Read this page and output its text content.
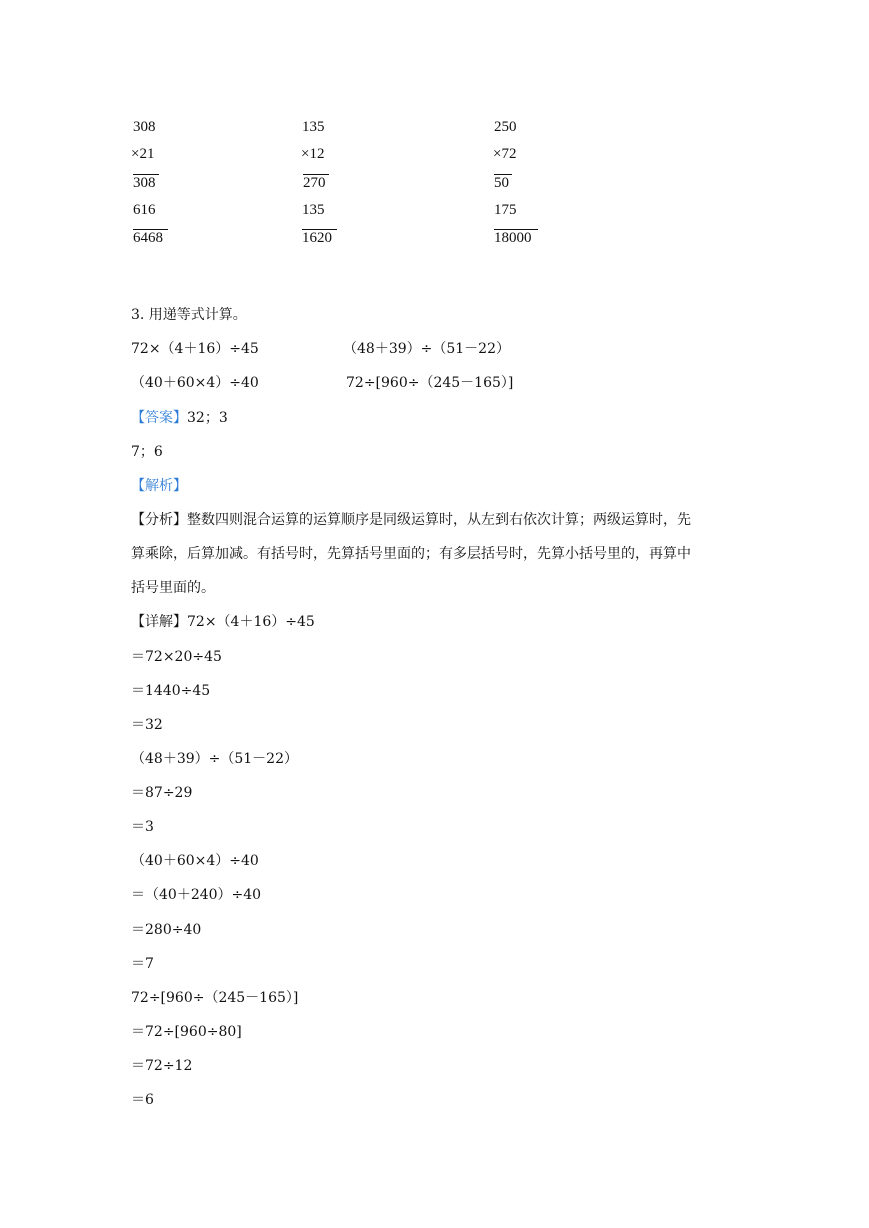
308
×21
308
616
6468
135
×12
270
135
1620
250
×72
50
175
18000
3. 用递等式计算。
72×（4＋16）÷45	（48＋39）÷（51－22）
（40＋60×4）÷40	72÷[960÷（245－165）]
【答案】32；3
7；6
【解析】
【分析】整数四则混合运算的运算顺序是同级运算时，从左到右依次计算；两级运算时，先
算乘除，后算加减。有括号时，先算括号里面的；有多层括号时，先算小括号里的，再算中
括号里面的。
【详解】72×（4＋16）÷45
＝72×20÷45
＝1440÷45
＝32
（48＋39）÷（51－22）
＝87÷29
＝3
（40＋60×4）÷40
＝（40＋240）÷40
＝280÷40
＝7
72÷[960÷（245－165）]
＝72÷[960÷80]
＝72÷12
＝6
